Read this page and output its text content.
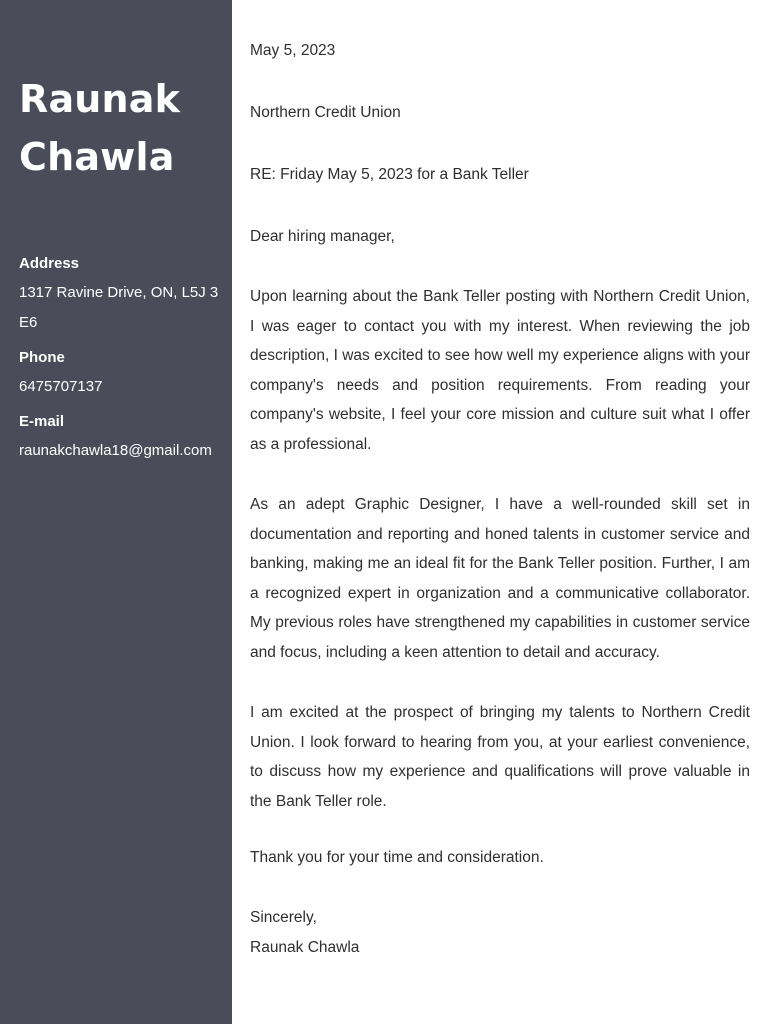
Raunak
Chawla
Address
1317 Ravine Drive, ON, L5J 3E6
Phone
6475707137
E-mail
raunakchawla18@gmail.com
May 5, 2023
Northern Credit Union
RE: Friday May 5, 2023 for a Bank Teller
Dear hiring manager,

Upon learning about the Bank Teller posting with Northern Credit Union, I was eager to contact you with my interest. When reviewing the job description, I was excited to see how well my experience aligns with your company's needs and position requirements. From reading your company's website, I feel your core mission and culture suit what I offer as a professional.

As an adept Graphic Designer, I have a well-rounded skill set in documentation and reporting and honed talents in customer service and banking, making me an ideal fit for the Bank Teller position. Further, I am a recognized expert in organization and a communicative collaborator. My previous roles have strengthened my capabilities in customer service and focus, including a keen attention to detail and accuracy.

I am excited at the prospect of bringing my talents to Northern Credit Union. I look forward to hearing from you, at your earliest convenience, to discuss how my experience and qualifications will prove valuable in the Bank Teller role.

Thank you for your time and consideration.
Sincerely,
Raunak Chawla
